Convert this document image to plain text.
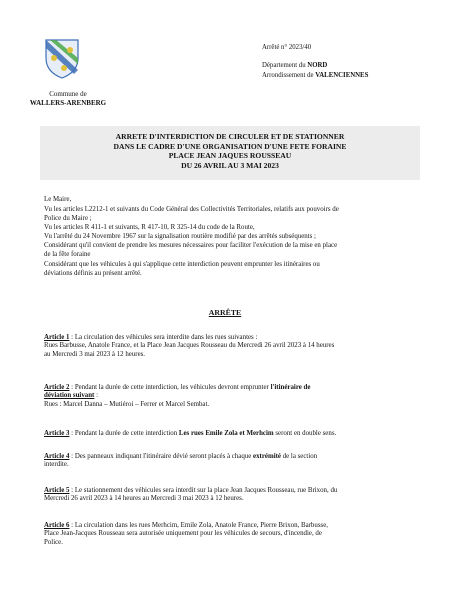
Commune de
WALLERS-ARENBERG
Arrêté n° 2023/40
Département du NORD
Arrondissement de VALENCIENNES
ARRETE D'INTERDICTION DE CIRCULER ET DE STATIONNER
DANS LE CADRE D'UNE ORGANISATION D'UNE FETE FORAINE
PLACE JEAN JAQUES ROUSSEAU
DU 26 AVRIL AU 3 MAI 2023
Le Maire,
Vu les articles L2212-1 et suivants du Code Général des Collectivités Territoriales, relatifs aux pouvoirs de
Police du Maire ;
Vu les articles R 411-1 et suivants, R 417-10, R 325-14 du code de la Route,
Vu l'arrêté du 24 Novembre 1967 sur la signalisation routière modifié par des arrêtés subséquents ;
Considérant qu'il convient de prendre les mesures nécessaires pour faciliter l'exécution de la mise en place
de la fête foraine
Considérant que les véhicules à qui s'applique cette interdiction peuvent emprunter les itinéraires ou
déviations définis au présent arrêté.
ARRÊTE
Article 1 : La circulation des véhicules sera interdite dans les rues suivantes :
Rues Barbusse, Anatole France, et la Place Jean Jacques Rousseau du Mercredi 26 avril 2023 à 14 heures
au Mercredi 3 mai 2023 à 12 heures.
Article 2 : Pendant la durée de cette interdiction, les véhicules devront emprunter l'itinéraire de
déviation suivant :
Rues : Marcel Danna – Mutiéroi – Ferrer et Marcel Sembat.
Article 3 : Pendant la durée de cette interdiction Les rues Emile Zola et Merhcim seront en double sens.
Article 4 : Des panneaux indiquant l'itinéraire dévié seront placés à chaque extrémité de la section
interdite.
Article 5 : Le stationnement des véhicules sera interdit sur la place Jean Jacques Rousseau, rue Brixon, du
Mercredi 26 avril 2023 à 14 heures au Mercredi 3 mai 2023 à 12 heures.
Article 6 : La circulation dans les rues Merhcim, Emile Zola, Anatole France, Pierre Brixon, Barbusse,
Place Jean-Jacques Rousseau sera autorisée uniquement pour les véhicules de secours, d'incendie, de
Police.
